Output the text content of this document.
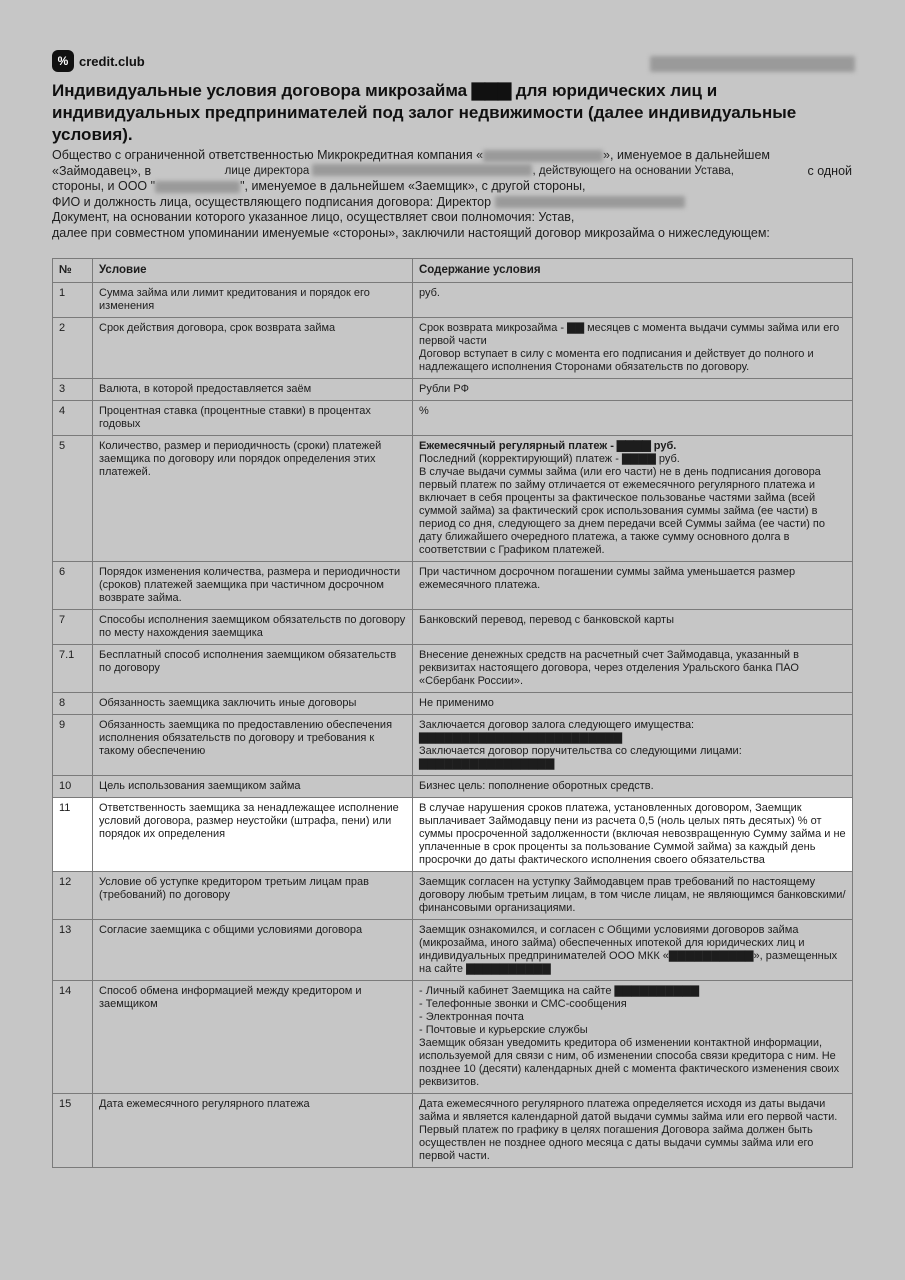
% credit.club
Индивидуальные условия договора микрозайма ▇▇▇ для юридических лиц и индивидуальных предпринимателей под залог недвижимости (далее индивидуальные условия).
Общество с ограниченной ответственностью Микрокредитная компания «	», именуемое в дальнейшем
«Займодавец», в	лице директора	, действующего на основании Устава,	с одной
стороны, и ООО "	", именуемое в дальнейшем «Заемщик», с другой стороны,
ФИО и должность лица, осуществляющего подписания договора: Директор
Документ, на основании которого указанное лицо, осуществляет свои полномочия: Устав,
далее при совместном упоминании именуемые «стороны», заключили настоящий договор микрозайма о нижеследующем:
№	Условие	Содержание условия
1	Сумма займа или лимит кредитования и порядок его изменения	руб.

2	Срок действия договора, срок возврата займа	Срок возврата микрозайма - ▇▇ месяцев с момента выдачи суммы займа или его первой части
Договор вступает в силу с момента его подписания и действует до полного и надлежащего исполнения Сторонами обязательств по договору.

3	Валюта, в которой предоставляется заём	Рубли РФ

4	Процентная ставка (процентные ставки) в процентах годовых	%

5	Количество, размер и периодичность (сроки) платежей заемщика по договору или порядок определения этих платежей.	Ежемесячный регулярный платеж - ▇▇▇▇ руб.
Последний (корректирующий) платеж - ▇▇▇▇ руб.
В случае выдачи суммы займа (или его части) не в день подписания договора первый платеж по займу отличается от ежемесячного регулярного платежа и включает в себя проценты за фактическое пользованье частями займа (всей суммой займа) за фактический срок использования суммы займа (ее части) в период со дня, следующего за днем передачи всей Суммы займа (ее части) по дату ближайшего очередного платежа, а также сумму основного долга в соответствии с Графиком платежей.

6	Порядок изменения количества, размера и периодичности (сроков) платежей заемщика при частичном досрочном возврате займа.	При частичном досрочном погашении суммы займа уменьшается размер ежемесячного платежа.

7	Способы исполнения заемщиком обязательств по договору по месту нахождения заемщика	Банковский перевод, перевод с банковской карты

7.1	Бесплатный способ исполнения заемщиком обязательств по договору	Внесение денежных средств на расчетный счет Займодавца, указанный в реквизитах настоящего договора, через отделения Уральского банка ПАО «Сбербанк России».

8	Обязанность заемщика заключить иные договоры	Не применимо

9	Обязанность заемщика по предоставлению обеспечения исполнения обязательств по договору и требования к такому обеспечению	Заключается договор залога следующего имущества:
▇▇▇▇▇▇▇▇▇▇▇▇▇▇▇▇▇▇▇▇▇▇▇▇
Заключается договор поручительства со следующими лицами:
▇▇▇▇▇▇▇▇▇▇▇▇▇▇▇▇

10	Цель использования заемщиком займа	Бизнес цель: пополнение оборотных средств.

11	Ответственность заемщика за ненадлежащее исполнение условий договора, размер неустойки (штрафа, пени) или порядок их определения	В случае нарушения сроков платежа, установленных договором, Заемщик выплачивает Займодавцу пени из расчета 0,5 (ноль целых пять десятых) % от суммы просроченной задолженности (включая невозвращенную Сумму займа и не уплаченные в срок проценты за пользование Суммой займа) за каждый день просрочки до даты фактического исполнения своего обязательства

12	Условие об уступке кредитором третьим лицам прав (требований) по договору	Заемщик согласен на уступку Займодавцем прав требований по настоящему договору любым третьим лицам, в том числе лицам, не являющимся банковскими/финансовыми организациями.

13	Согласие заемщика с общими условиями договора	Заемщик ознакомился, и согласен с Общими условиями договоров займа (микрозайма, иного займа) обеспеченных ипотекой для юридических лиц и индивидуальных предпринимателей ООО МКК «▇▇▇▇▇▇▇▇▇▇», размещенных на сайте ▇▇▇▇▇▇▇▇▇▇

14	Способ обмена информацией между кредитором и заемщиком	- Личный кабинет Заемщика на сайте ▇▇▇▇▇▇▇▇▇▇
- Телефонные звонки и СМС-сообщения
- Электронная почта
- Почтовые и курьерские службы
Заемщик обязан уведомить кредитора об изменении контактной информации, используемой для связи с ним, об изменении способа связи кредитора с ним. Не позднее 10 (десяти) календарных дней с момента фактического изменения своих реквизитов.

15	Дата ежемесячного регулярного платежа	Дата ежемесячного регулярного платежа определяется исходя из даты выдачи займа и является календарной датой выдачи суммы займа или его первой части. Первый платеж по графику в целях погашения Договора займа должен быть осуществлен не позднее одного месяца с даты выдачи суммы займа или его первой части.
